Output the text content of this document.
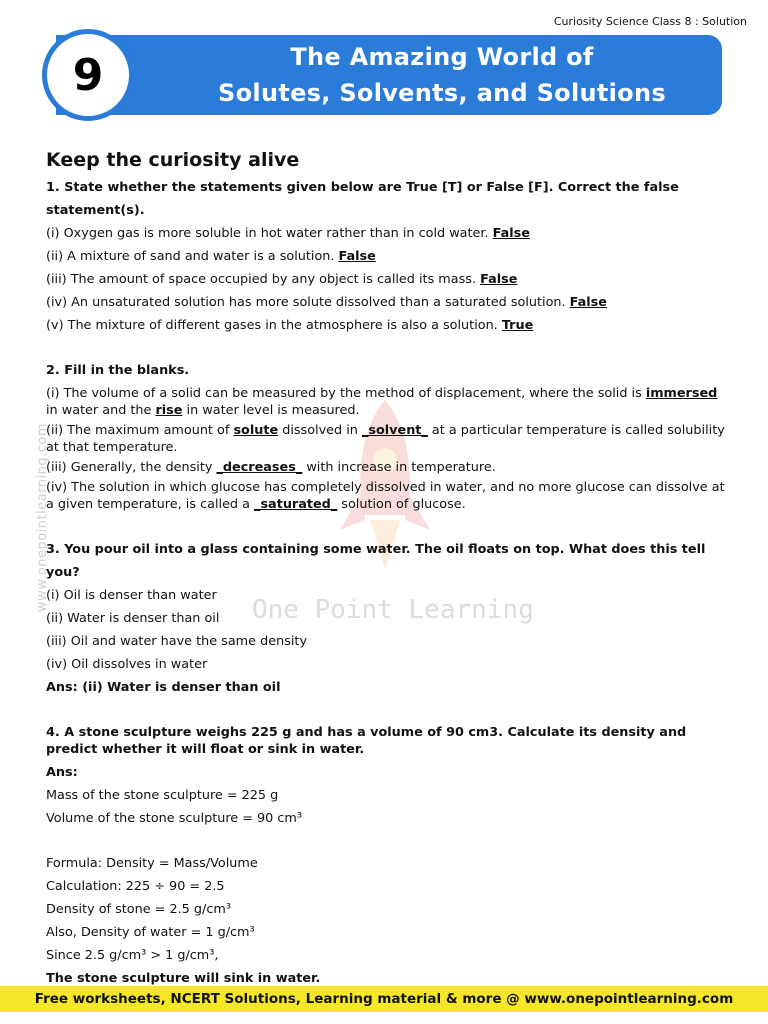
Curiosity Science Class 8 : Solution
The Amazing World of
Solutes, Solvents, and Solutions
9
www.onepointlearning.com	One Point Learning
Keep the curiosity alive
1. State whether the statements given below are True [T] or False [F]. Correct the false statement(s).
(i) Oxygen gas is more soluble in hot water rather than in cold water. False
(ii) A mixture of sand and water is a solution. False
(iii) The amount of space occupied by any object is called its mass. False
(iv) An unsaturated solution has more solute dissolved than a saturated solution. False
(v) The mixture of different gases in the atmosphere is also a solution. True
2. Fill in the blanks.
(i) The volume of a solid can be measured by the method of displacement, where the solid is immersed in water and the rise in water level is measured.
(ii) The maximum amount of solute dissolved in _solvent_ at a particular temperature is called solubility at that temperature.
(iii) Generally, the density _decreases_ with increase in temperature.
(iv) The solution in which glucose has completely dissolved in water, and no more glucose can dissolve at a given temperature, is called a _saturated_ solution of glucose.
3. You pour oil into a glass containing some water. The oil floats on top. What does this tell you?
(i) Oil is denser than water
(ii) Water is denser than oil
(iii) Oil and water have the same density
(iv) Oil dissolves in water
Ans: (ii) Water is denser than oil
4. A stone sculpture weighs 225 g and has a volume of 90 cm3. Calculate its density and predict whether it will float or sink in water.
Ans:
Mass of the stone sculpture = 225 g
Volume of the stone sculpture = 90 cm³
Formula: Density = Mass/Volume
Calculation: 225 ÷ 90 = 2.5
Density of stone = 2.5 g/cm³
Also, Density of water = 1 g/cm³
Since 2.5 g/cm³ > 1 g/cm³,
The stone sculpture will sink in water.
Free worksheets, NCERT Solutions, Learning material & more @ www.onepointlearning.com
